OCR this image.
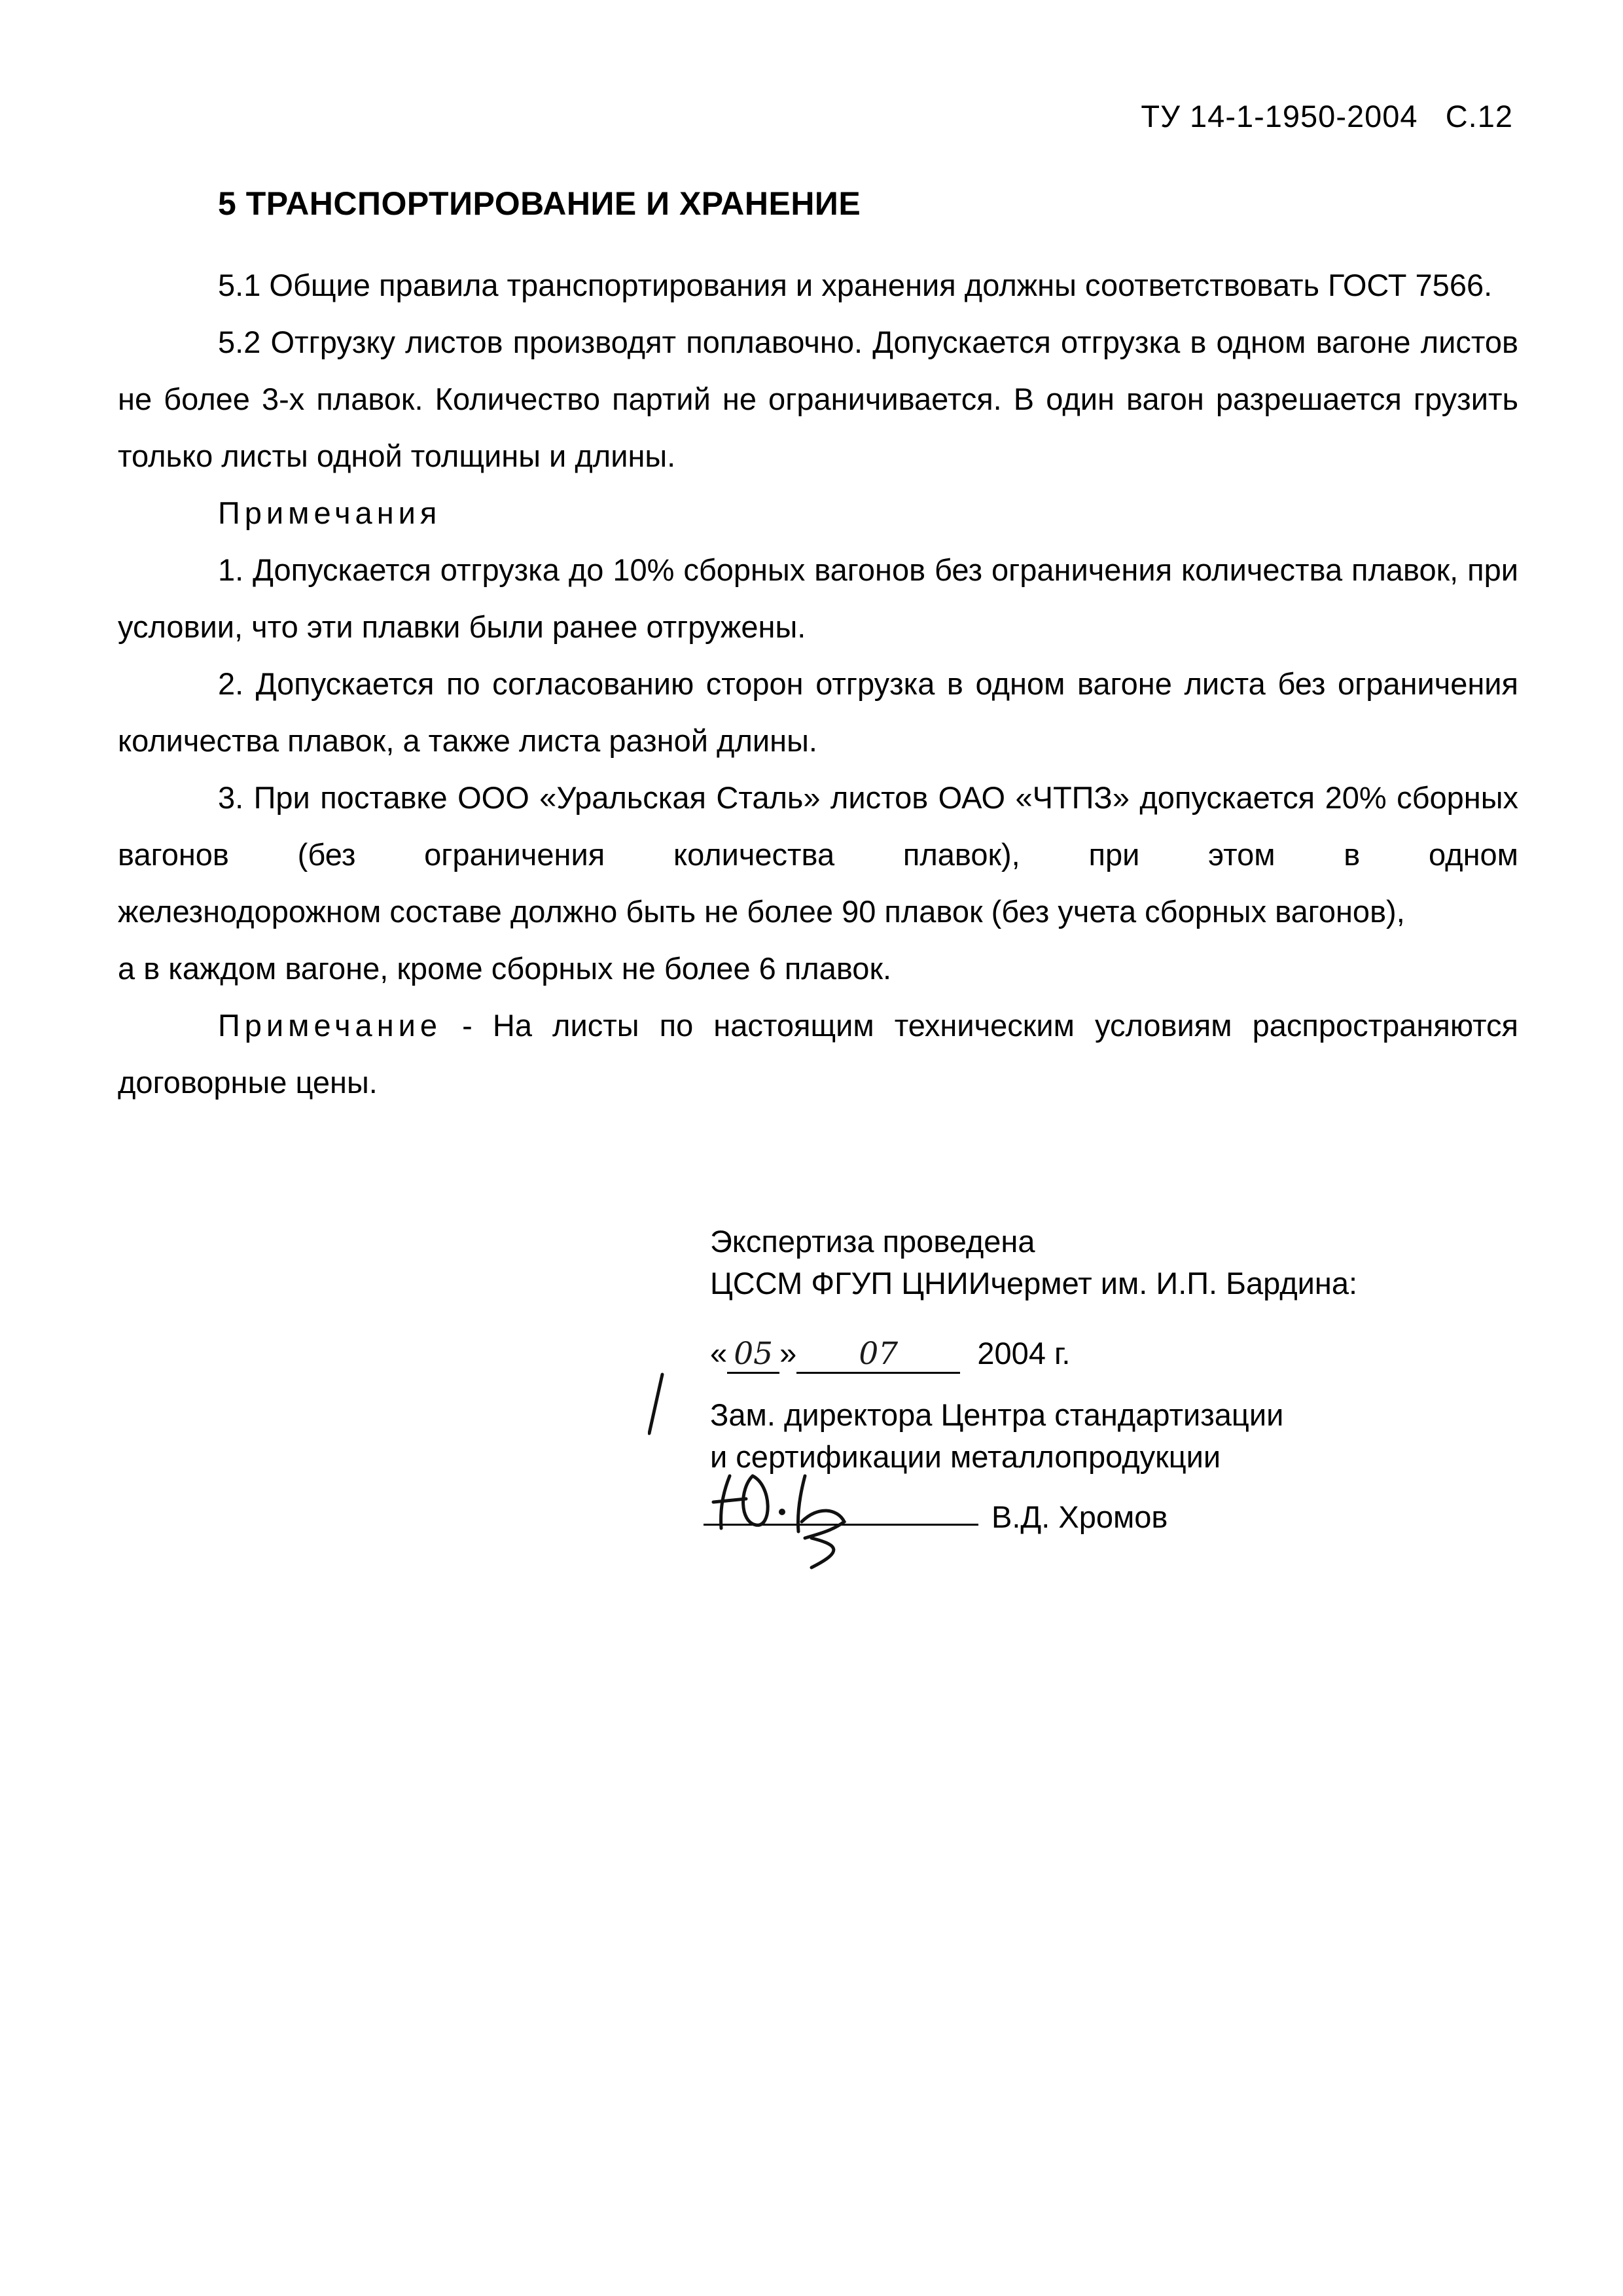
ТУ 14-1-1950-2004 С.12
5 ТРАНСПОРТИРОВАНИЕ И ХРАНЕНИЕ

5.1 Общие правила транспортирования и хранения должны соответствовать ГОСТ 7566.

5.2 Отгрузку листов производят поплавочно. Допускается отгрузка в одном вагоне листов не более 3-х плавок. Количество партий не ограничивается. В один вагон разрешается грузить только листы одной толщины и длины.

Примечания

1. Допускается отгрузка до 10% сборных вагонов без ограничения количества плавок, при условии, что эти плавки были ранее отгружены.

2. Допускается по согласованию сторон отгрузка в одном вагоне листа без ограничения количества плавок, а также листа разной длины.

3. При поставке ООО «Уральская Сталь» листов ОАО «ЧТПЗ» допускается 20% сборных вагонов (без ограничения количества плавок), при этом в одном

железнодорожном составе должно быть не более 90 плавок (без учета сборных вагонов),

а в каждом вагоне, кроме сборных не более 6 плавок.

Примечание - На листы по настоящим техническим условиям распространяются договорные цены.

Экспертиза проведена
ЦССМ ФГУП ЦНИИчермет им. И.П. Бардина:
« 05 » 07	2004 г.
Зам. директора Центра стандартизации
и сертификации металлопродукции
В.Д. Хромов
